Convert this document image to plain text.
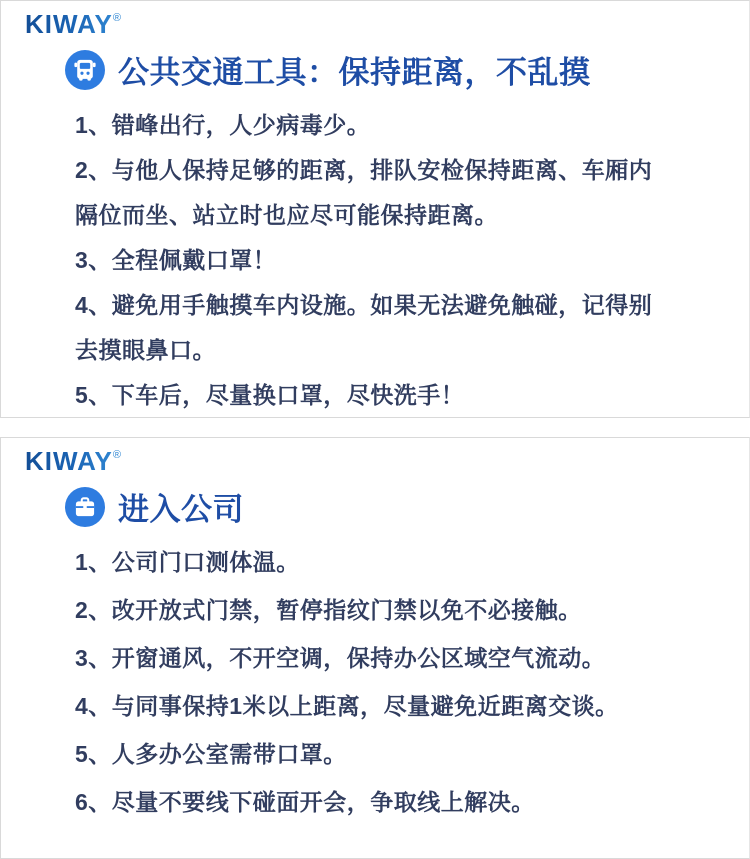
KIWAY®
公共交通工具：保持距离，不乱摸

1、错峰出行，人少病毒少。

2、与他人保持足够的距离，排队安检保持距离、车厢内隔位而坐、站立时也应尽可能保持距离。

3、全程佩戴口罩！

4、避免用手触摸车内设施。如果无法避免触碰，记得别去摸眼鼻口。

5、下车后，尽量换口罩，尽快洗手！

KIWAY®
进入公司

1、公司门口测体温。

2、改开放式门禁，暂停指纹门禁以免不必接触。

3、开窗通风，不开空调，保持办公区域空气流动。

4、与同事保持1米以上距离，尽量避免近距离交谈。

5、人多办公室需带口罩。

6、尽量不要线下碰面开会，争取线上解决。
